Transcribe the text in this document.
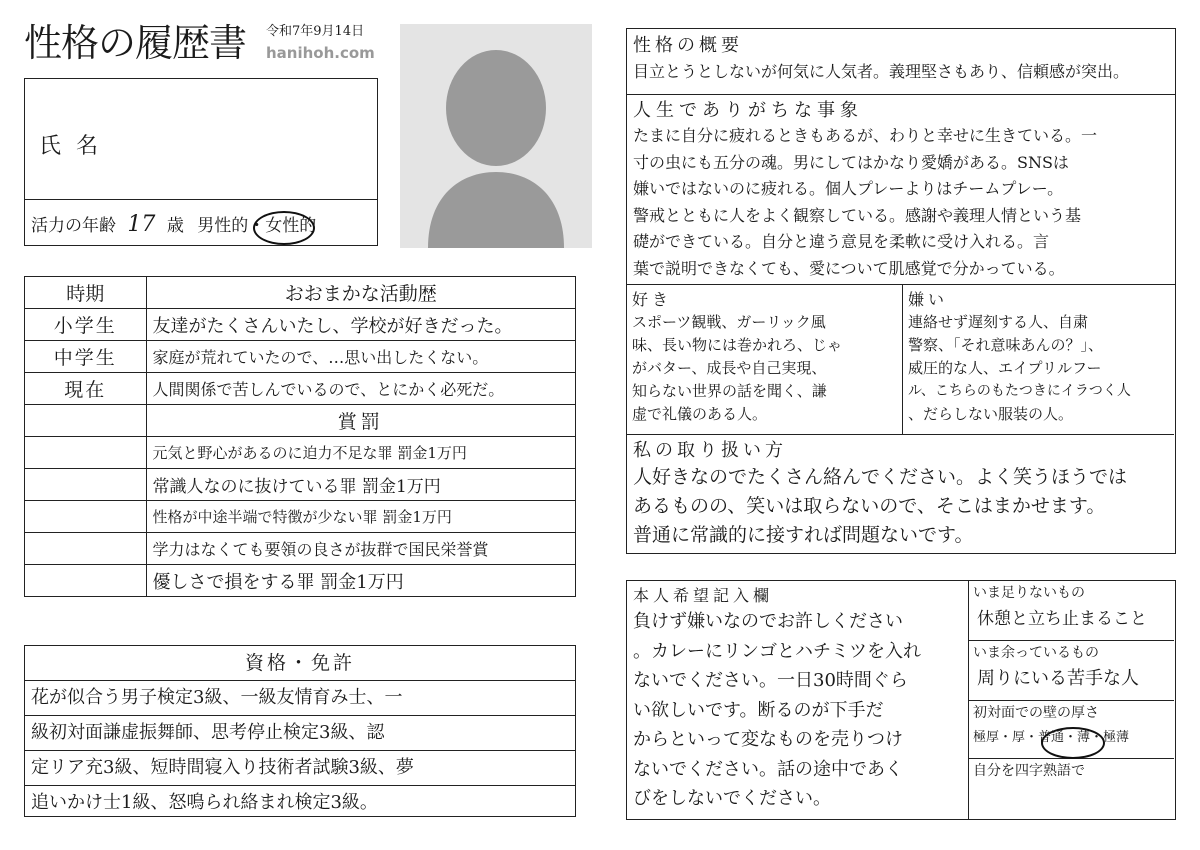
性格の履歴書 令和7年9月14日
hanihoh.com
氏 名
活力の年齢 17 歳 男性的・女性的
時期	おおまかな活動歴
小学生	友達がたくさんいたし、学校が好きだった。
中学生	家庭が荒れていたので、…思い出したくない。
現在	人間関係で苦しんでいるので、とにかく必死だ。
	賞罰
	元気と野心があるのに迫力不足な罪 罰金1万円
	常識人なのに抜けている罪 罰金1万円
	性格が中途半端で特徴が少ない罪 罰金1万円
	学力はなくても要領の良さが抜群で国民栄誉賞
	優しさで損をする罪 罰金1万円
資格・免許
花が似合う男子検定3級、一級友情育み士、一
級初対面謙虚振舞師、思考停止検定3級、認
定リア充3級、短時間寝入り技術者試験3級、夢
追いかけ士1級、怒鳴られ絡まれ検定3級。
性格の概要
目立とうとしないが何気に人気者。義理堅さもあり、信頼感が突出。
人生でありがちな事象
たまに自分に疲れるときもあるが、わりと幸せに生きている。一
寸の虫にも五分の魂。男にしてはかなり愛嬌がある。SNSは
嫌いではないのに疲れる。個人プレーよりはチームプレー。
警戒とともに人をよく観察している。感謝や義理人情という基
礎ができている。自分と違う意見を柔軟に受け入れる。言
葉で説明できなくても、愛について肌感覚で分かっている。
好き
スポーツ観戦、ガーリック風
味、長い物には巻かれろ、じゃ
がバター、成長や自己実現、
知らない世界の話を聞く、謙
虚で礼儀のある人。
嫌い
連絡せず遅刻する人、自粛
警察、「それ意味あんの？」、
威圧的な人、エイプリルフー
ル、こちらのもたつきにイラつく人
、だらしない服装の人。
私の取り扱い方
人好きなのでたくさん絡んでください。よく笑うほうでは
あるものの、笑いは取らないので、そこはまかせます。
普通に常識的に接すれば問題ないです。
本人希望記入欄
負けず嫌いなのでお許しください
。カレーにリンゴとハチミツを入れ
ないでください。一日30時間ぐら
い欲しいです。断るのが下手だ
からといって変なものを売りつけ
ないでください。話の途中であく
びをしないでください。
いま足りないもの
休憩と立ち止まること
いま余っているもの
周りにいる苦手な人
初対面での壁の厚さ
極厚・厚・普通・薄・極薄
自分を四字熟語で
